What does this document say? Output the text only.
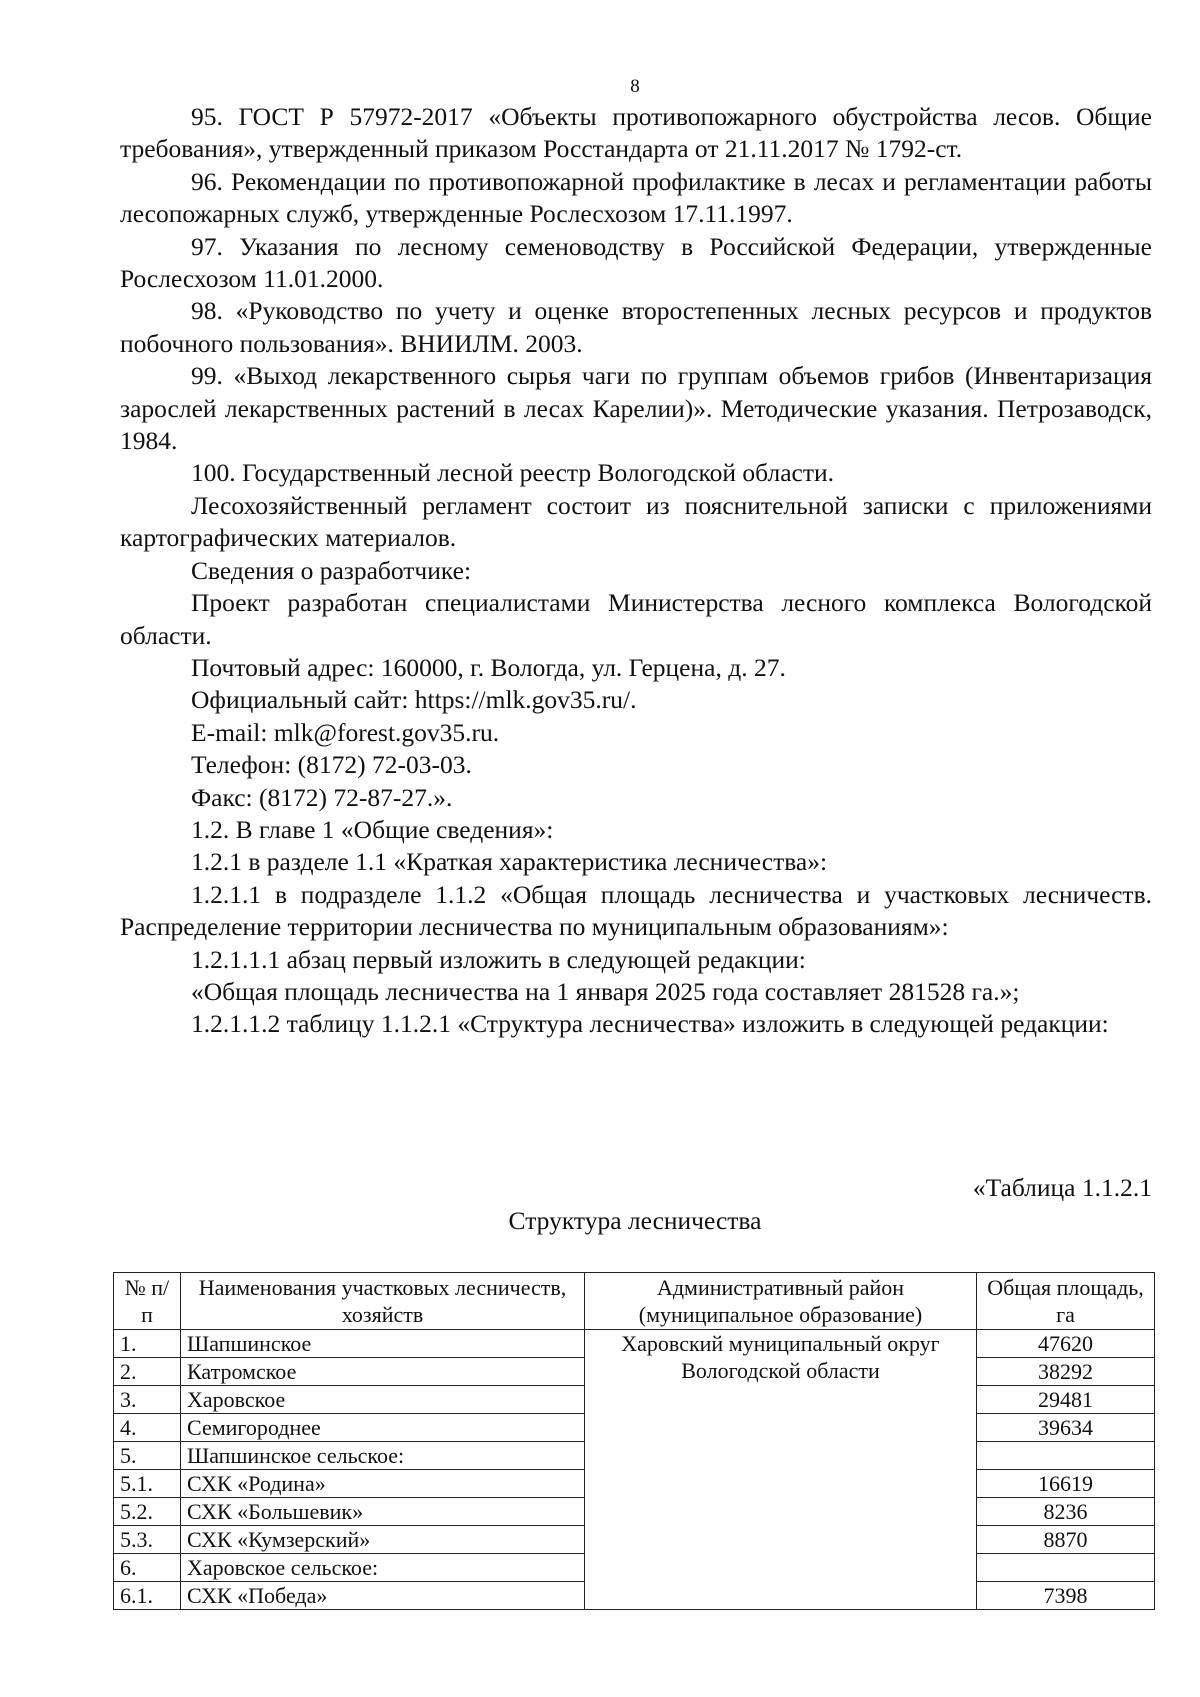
8

95. ГОСТ Р 57972-2017 «Объекты противопожарного обустройства лесов. Общие требования», утвержденный приказом Росстандарта от 21.11.2017 № 1792-ст.

96. Рекомендации по противопожарной профилактике в лесах и регламентации работы лесопожарных служб, утвержденные Рослесхозом 17.11.1997.

97. Указания по лесному семеноводству в Российской Федерации, утвержденные Рослесхозом 11.01.2000.

98. «Руководство по учету и оценке второстепенных лесных ресурсов и продуктов побочного пользования». ВНИИЛМ. 2003.

99. «Выход лекарственного сырья чаги по группам объемов грибов (Инвентаризация зарослей лекарственных растений в лесах Карелии)». Методические указания. Петрозаводск, 1984.

100. Государственный лесной реестр Вологодской области.

Лесохозяйственный регламент состоит из пояснительной записки с приложениями картографических материалов.

Сведения о разработчике:

Проект разработан специалистами Министерства лесного комплекса Вологодской области.

Почтовый адрес: 160000, г. Вологда, ул. Герцена, д. 27.

Официальный сайт: https://mlk.gov35.ru/.

E-mail: mlk@forest.gov35.ru.

Телефон: (8172) 72-03-03.

Факс: (8172) 72-87-27.».

1.2. В главе 1 «Общие сведения»:

1.2.1 в разделе 1.1 «Краткая характеристика лесничества»:

1.2.1.1 в подразделе 1.1.2 «Общая площадь лесничества и участковых лесничеств. Распределение территории лесничества по муниципальным образованиям»:

1.2.1.1.1 абзац первый изложить в следующей редакции:

«Общая площадь лесничества на 1 января 2025 года составляет 281528 га.»;

1.2.1.1.2 таблицу 1.1.2.1 «Структура лесничества» изложить в следующей редакции:

«Таблица 1.1.2.1
Структура лесничества
№ п/п	Наименования участковых лесничеств, хозяйств	Административный район (муниципальное образование)	Общая площадь, га
1.	Шапшинское	Харовский муниципальный округ Вологодской области	47620
2.	Катромское		38292
3.	Харовское		29481
4.	Семигороднее		39634
5.	Шапшинское сельское:		
5.1.	СХК «Родина»		16619
5.2.	СХК «Большевик»		8236
5.3.	СХК «Кумзерский»		8870
6.	Харовское сельское:		
6.1.	СХК «Победа»		7398
